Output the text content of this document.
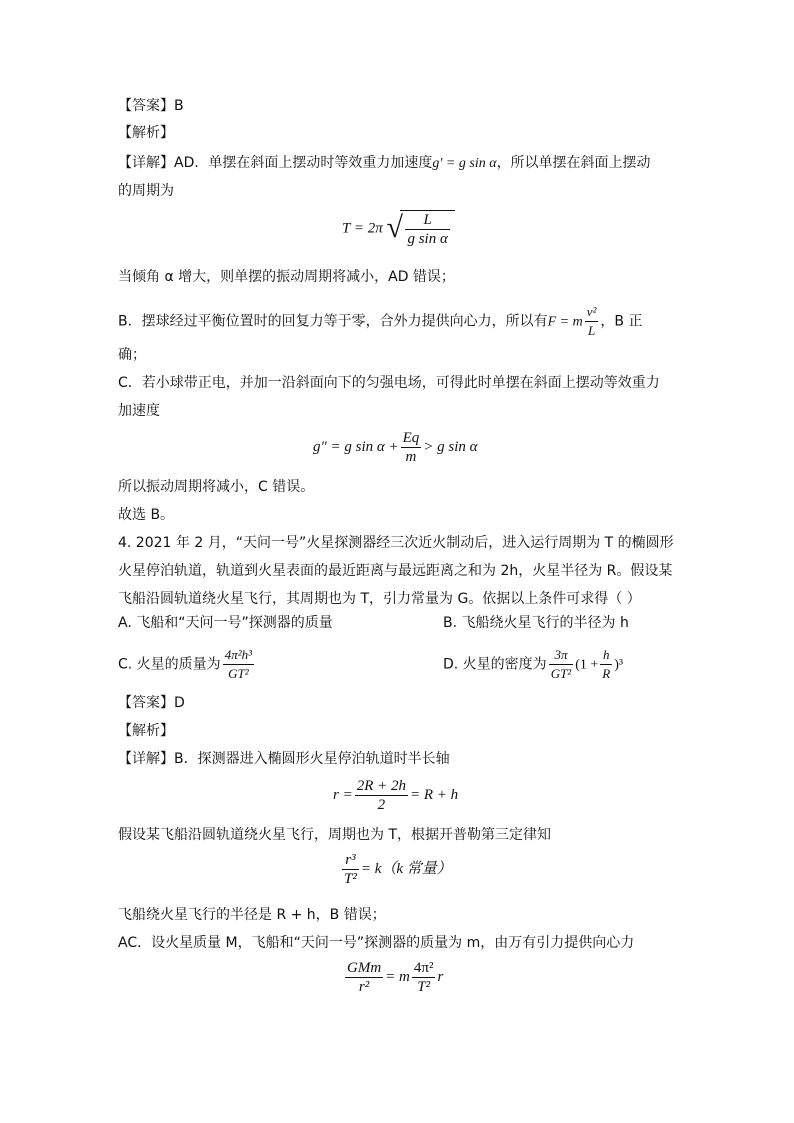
【答案】B
【解析】
【详解】AD．单摆在斜面上摆动时等效重力加速度g′ = g sin α，所以单摆在斜面上摆动
的周期为
T = 2π √ $\frac{L}{\text{g sin α}}$
当倾角 α 增大，则单摆的振动周期将减小，AD 错误；
B．摆球经过平衡位置时的回复力等于零，合外力提供向心力，所以有F = m $\frac{\text{v²}}{L}$ ，B 正
确；
C．若小球带正电，并加一沿斜面向下的匀强电场，可得此时单摆在斜面上摆动等效重力
加速度
g″ = g $\sin \alpha + \frac{Eq}{m} > g$ sin α
所以振动周期将减小，C 错误。
故选 B。
4. 2021 年 2 月，“天问一号”火星探测器经三次近火制动后，进入运行周期为 T 的椭圆形
火星停泊轨道，轨道到火星表面的最近距离与最远距离之和为 2h，火星半径为 R。假设某
飞船沿圆轨道绕火星飞行，其周期也为 T，引力常量为 G。依据以上条件可求得（ ）
A. 飞船和“天问一号”探测器的质量	B. 飞船绕火星飞行的半径为 h
C. 火星的质量为 $\frac{\text{4π²h³}}{\text{GT²}}$	D. 火星的密度为 $\frac{3\pi}{\text{GT²}} (1 + \frac{h}{R} )^3$
【答案】D
【解析】
【详解】B．探测器进入椭圆形火星停泊轨道时半长轴
$r = \frac{2R + 2h}{2} = R + h$
假设某飞船沿圆轨道绕火星飞行，周期也为 T，根据开普勒第三定律知
$\frac{\text{r³}}{\text{T²}} = k(k$ 常量）
飞船绕火星飞行的半径是 R + h，B 错误；
AC．设火星质量 M，飞船和“天问一号”探测器的质量为 m，由万有引力提供向心力
$\frac{\text{GMm}}{\text{r²}} = m \frac{\text{4π²}}{\text{T²}}$ r
